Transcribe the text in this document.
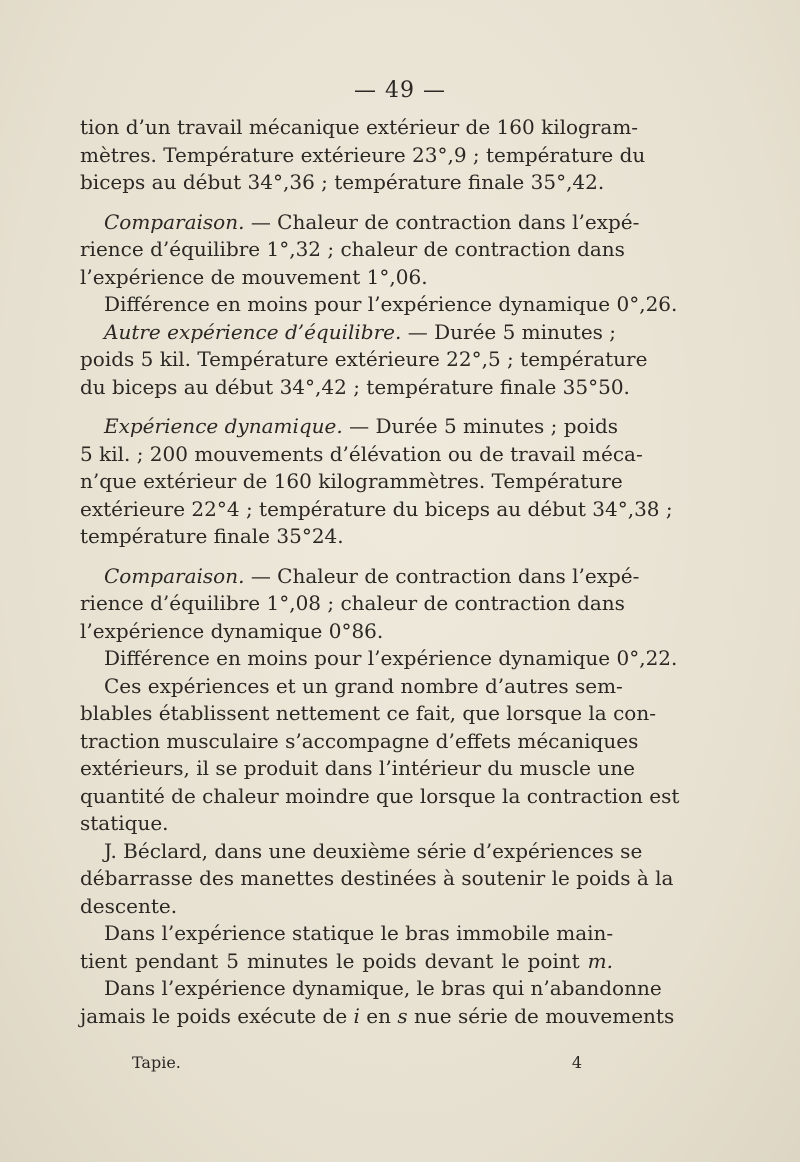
— 49 —
tion d’un travail mécanique extérieur de 160 kilogram-
mètres. Température extérieure 23°,9 ; température du
biceps au début 34°,36 ; température finale 35°,42.
Comparaison. — Chaleur de contraction dans l’expé-
rience d’équilibre 1°,32 ; chaleur de contraction dans
l’expérience de mouvement 1°,06.
Différence en moins pour l’expérience dynamique 0°,26.
Autre expérience d’équilibre. — Durée 5 minutes ;
poids 5 kil. Température extérieure 22°,5 ; température
du biceps au début 34°,42 ; température finale 35°50.
Expérience dynamique. — Durée 5 minutes ; poids
5 kil. ; 200 mouvements d’élévation ou de travail méca-
n’que extérieur de 160 kilogrammètres. Température
extérieure 22°4 ; température du biceps au début 34°,38 ;
température finale 35°24.
Comparaison. — Chaleur de contraction dans l’expé-
rience d’équilibre 1°,08 ; chaleur de contraction dans
l’expérience dynamique 0°86.
Différence en moins pour l’expérience dynamique 0°,22.
Ces expériences et un grand nombre d’autres sem-
blables établissent nettement ce fait, que lorsque la con-
traction musculaire s’accompagne d’effets mécaniques
extérieurs, il se produit dans l’intérieur du muscle une
quantité de chaleur moindre que lorsque la contraction est
statique.
J. Béclard, dans une deuxième série d’expériences se
débarrasse des manettes destinées à soutenir le poids à la
descente.
Dans l’expérience statique le bras immobile main-
tient pendant 5 minutes le poids devant le point m.
Dans l’expérience dynamique, le bras qui n’abandonne
jamais le poids exécute de i en s nue série de mouvements
Tapie.	4
